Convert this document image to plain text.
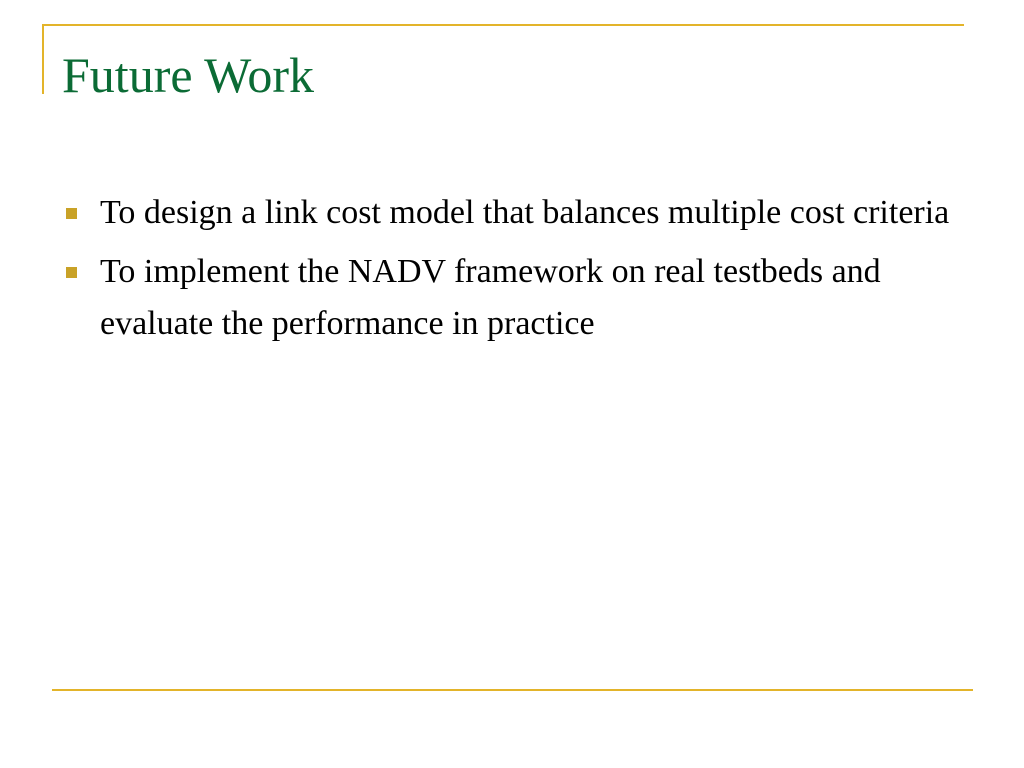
Future Work
To design a link cost model that balances multiple cost criteria
To implement the NADV framework on real testbeds and evaluate the performance in practice
